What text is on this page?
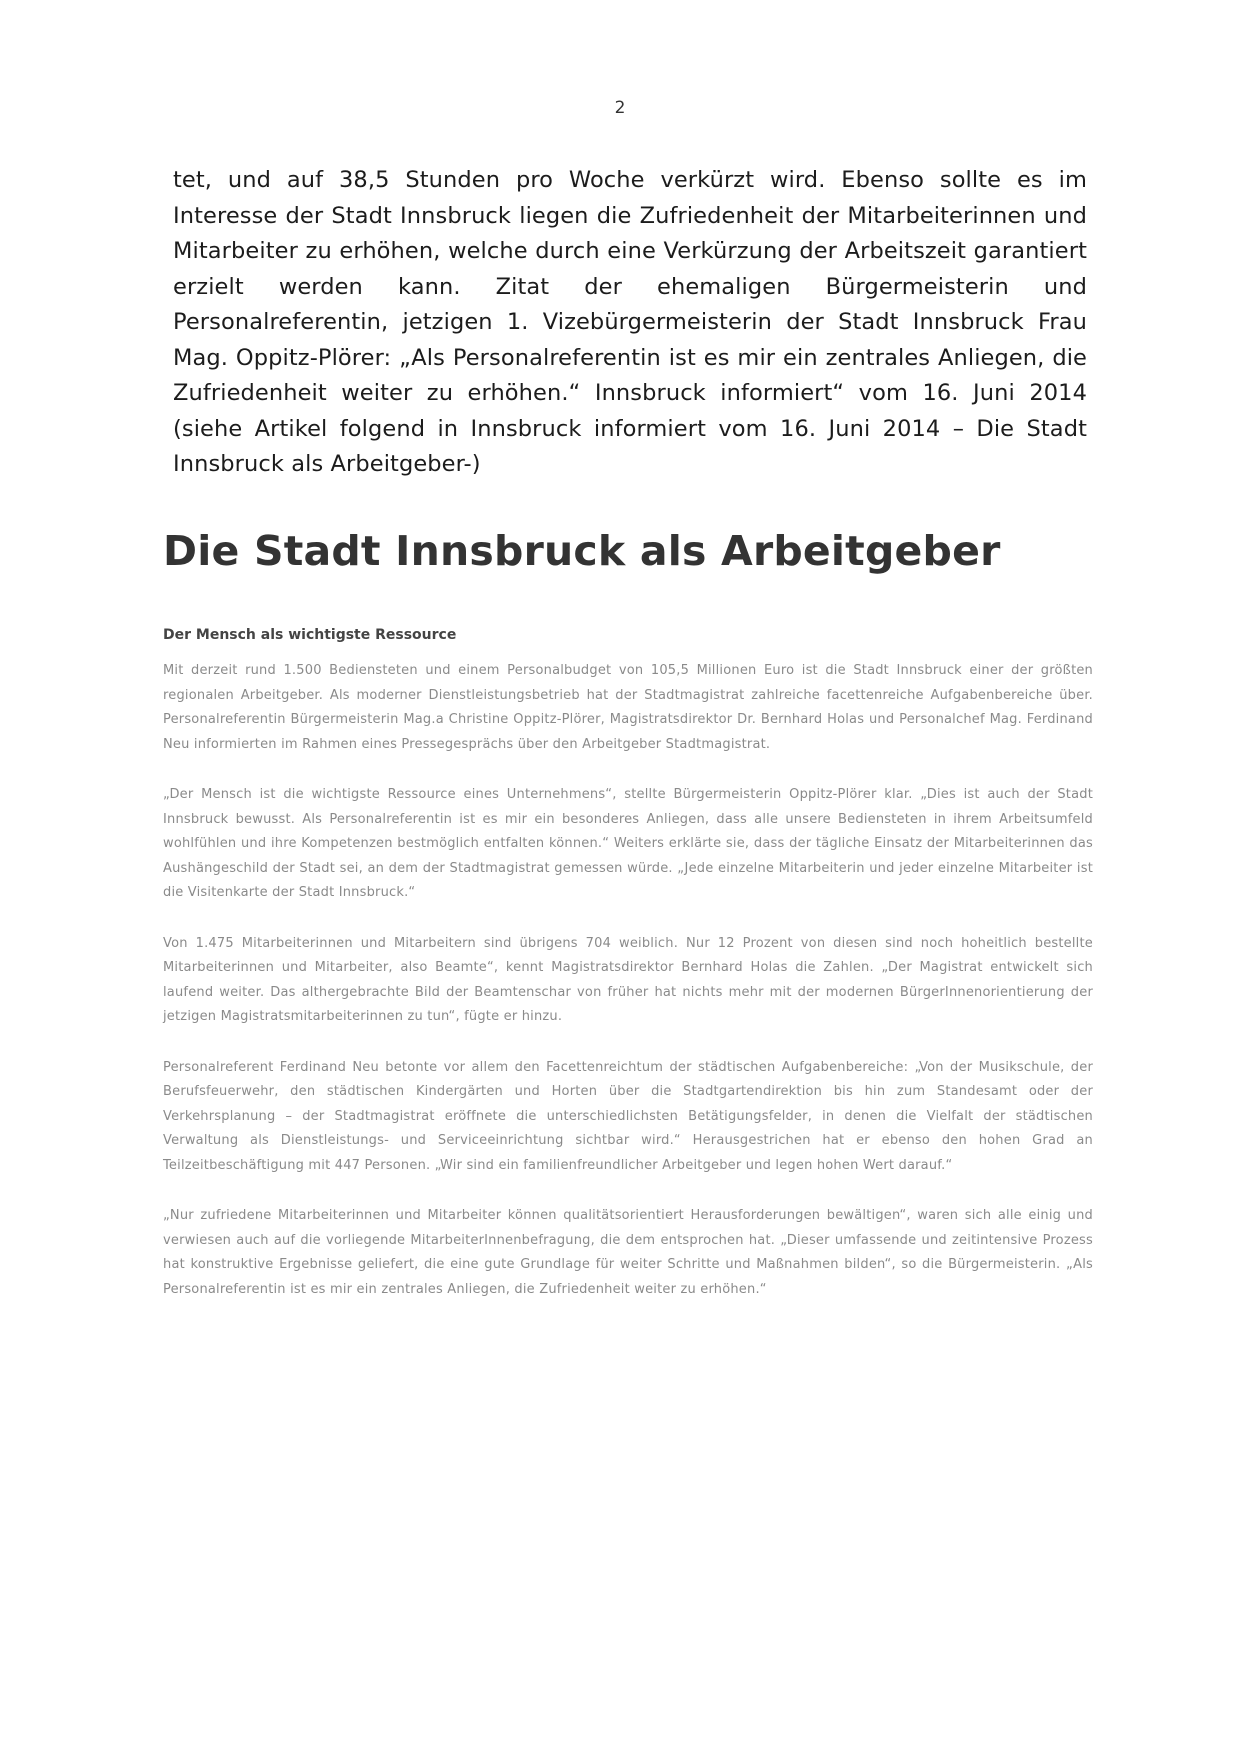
2
tet, und auf 38,5 Stunden pro Woche verkürzt wird. Ebenso sollte es im Interesse der Stadt Innsbruck liegen die Zufriedenheit der Mitarbeiterinnen und Mitarbeiter zu erhöhen, welche durch eine Verkürzung der Arbeitszeit garantiert erzielt werden kann. Zitat der ehemaligen Bürgermeisterin und Personalreferentin, jetzigen 1. Vizebürgermeisterin der Stadt Innsbruck Frau Mag. Oppitz-Plörer: „Als Personalreferentin ist es mir ein zentrales Anliegen, die Zufriedenheit weiter zu erhöhen.“ Innsbruck informiert“ vom 16. Juni 2014 (siehe Artikel folgend in Innsbruck informiert vom 16. Juni 2014 – Die Stadt Innsbruck als Arbeitgeber-)
Die Stadt Innsbruck als Arbeitgeber
Der Mensch als wichtigste Ressource

Mit derzeit rund 1.500 Bediensteten und einem Personalbudget von 105,5 Millionen Euro ist die Stadt Innsbruck einer der größten regionalen Arbeitgeber. Als moderner Dienstleistungsbetrieb hat der Stadtmagistrat zahlreiche facettenreiche Aufgabenbereiche über. Personalreferentin Bürgermeisterin Mag.a Christine Oppitz-Plörer, Magistratsdirektor Dr. Bernhard Holas und Personalchef Mag. Ferdinand Neu informierten im Rahmen eines Pressegesprächs über den Arbeitgeber Stadtmagistrat.

„Der Mensch ist die wichtigste Ressource eines Unternehmens“, stellte Bürgermeisterin Oppitz-Plörer klar. „Dies ist auch der Stadt Innsbruck bewusst. Als Personalreferentin ist es mir ein besonderes Anliegen, dass alle unsere Bediensteten in ihrem Arbeitsumfeld wohlfühlen und ihre Kompetenzen bestmöglich entfalten können.“ Weiters erklärte sie, dass der tägliche Einsatz der Mitarbeiterinnen das Aushängeschild der Stadt sei, an dem der Stadtmagistrat gemessen würde. „Jede einzelne Mitarbeiterin und jeder einzelne Mitarbeiter ist die Visitenkarte der Stadt Innsbruck.“

Von 1.475 Mitarbeiterinnen und Mitarbeitern sind übrigens 704 weiblich. Nur 12 Prozent von diesen sind noch hoheitlich bestellte Mitarbeiterinnen und Mitarbeiter, also Beamte“, kennt Magistratsdirektor Bernhard Holas die Zahlen. „Der Magistrat entwickelt sich laufend weiter. Das althergebrachte Bild der Beamtenschar von früher hat nichts mehr mit der modernen BürgerInnenorientierung der jetzigen Magistratsmitarbeiterinnen zu tun“, fügte er hinzu.

Personalreferent Ferdinand Neu betonte vor allem den Facettenreichtum der städtischen Aufgabenbereiche: „Von der Musikschule, der Berufsfeuerwehr, den städtischen Kindergärten und Horten über die Stadtgartendirektion bis hin zum Standesamt oder der Verkehrsplanung – der Stadtmagistrat eröffnete die unterschiedlichsten Betätigungsfelder, in denen die Vielfalt der städtischen Verwaltung als Dienstleistungs- und Serviceeinrichtung sichtbar wird.“ Herausgestrichen hat er ebenso den hohen Grad an Teilzeitbeschäftigung mit 447 Personen. „Wir sind ein familienfreundlicher Arbeitgeber und legen hohen Wert darauf.“

„Nur zufriedene Mitarbeiterinnen und Mitarbeiter können qualitätsorientiert Herausforderungen bewältigen“, waren sich alle einig und verwiesen auch auf die vorliegende MitarbeiterInnenbefragung, die dem entsprochen hat. „Dieser umfassende und zeitintensive Prozess hat konstruktive Ergebnisse geliefert, die eine gute Grundlage für weiter Schritte und Maßnahmen bilden“, so die Bürgermeisterin. „Als Personalreferentin ist es mir ein zentrales Anliegen, die Zufriedenheit weiter zu erhöhen.“
